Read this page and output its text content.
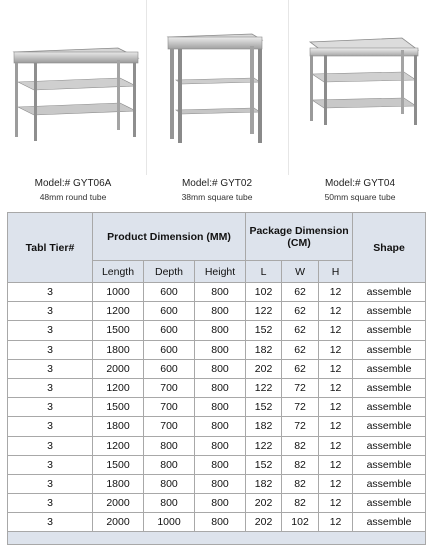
Model:# GYT06A
48mm round tube
Model:# GYT02
38mm square tube
Model:# GYT04
50mm square tube
Tabl Tier#	Product Dimension (MM)			Package Dimension (CM)			Shape
	Length	Depth	Height	L	W	H	
3	1000	600	800	102	62	12	assemble
3	1200	600	800	122	62	12	assemble
3	1500	600	800	152	62	12	assemble
3	1800	600	800	182	62	12	assemble
3	2000	600	800	202	62	12	assemble
3	1200	700	800	122	72	12	assemble
3	1500	700	800	152	72	12	assemble
3	1800	700	800	182	72	12	assemble
3	1200	800	800	122	82	12	assemble
3	1500	800	800	152	82	12	assemble
3	1800	800	800	182	82	12	assemble
3	2000	800	800	202	82	12	assemble
3	2000	1000	800	202	102	12	assemble
